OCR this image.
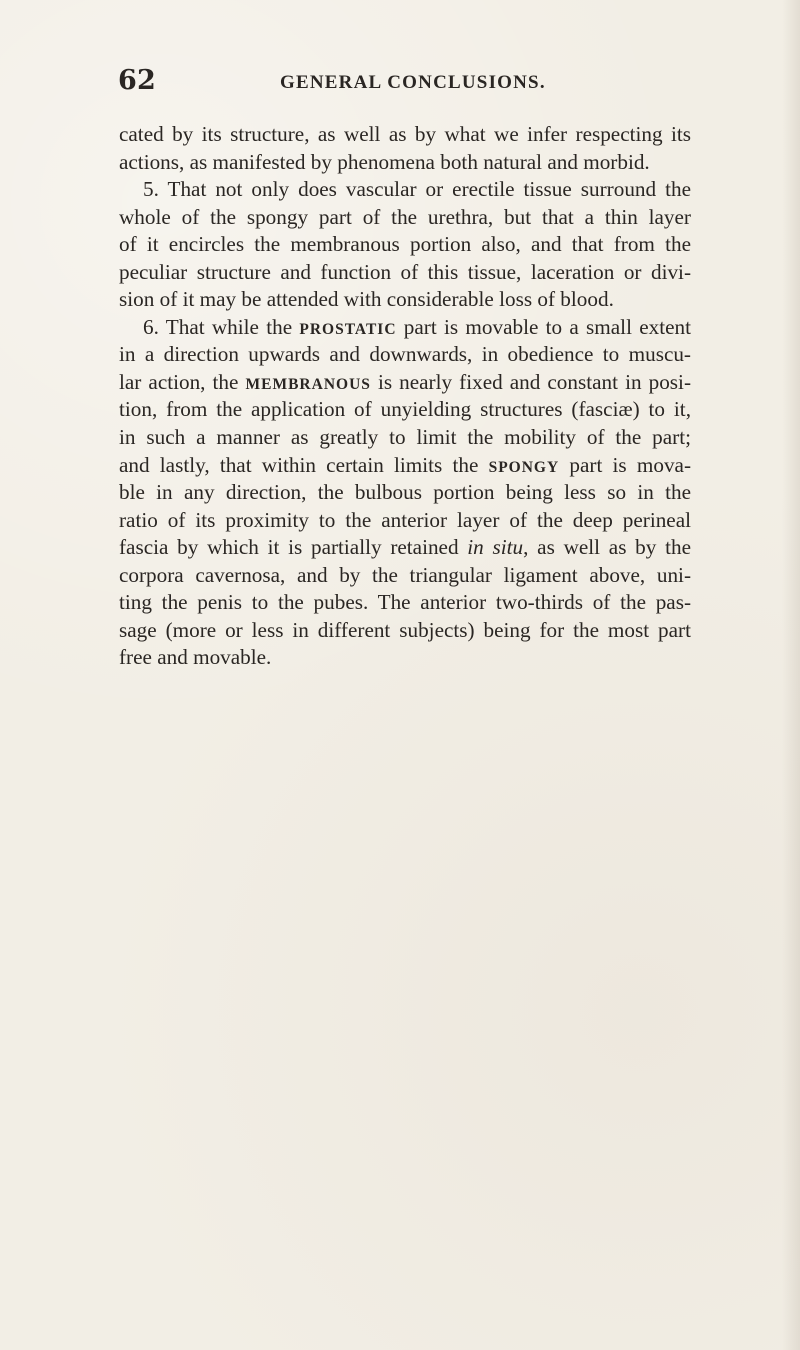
62	GENERAL CONCLUSIONS.
cated by its structure, as well as by what we infer respecting its
actions, as manifested by phenomena both natural and morbid.
5. That not only does vascular or erectile tissue surround the
whole of the spongy part of the urethra, but that a thin layer
of it encircles the membranous portion also, and that from the
peculiar structure and function of this tissue, laceration or divi-
sion of it may be attended with considerable loss of blood.
6. That while the PROSTATIC part is movable to a small extent
in a direction upwards and downwards, in obedience to muscu-
lar action, the MEMBRANOUS is nearly fixed and constant in posi-
tion, from the application of unyielding structures (fasciæ) to it,
in such a manner as greatly to limit the mobility of the part;
and lastly, that within certain limits the SPONGY part is mova-
ble in any direction, the bulbous portion being less so in the
ratio of its proximity to the anterior layer of the deep perineal
fascia by which it is partially retained in situ, as well as by the
corpora cavernosa, and by the triangular ligament above, uni-
ting the penis to the pubes. The anterior two-thirds of the pas-
sage (more or less in different subjects) being for the most part
free and movable.
